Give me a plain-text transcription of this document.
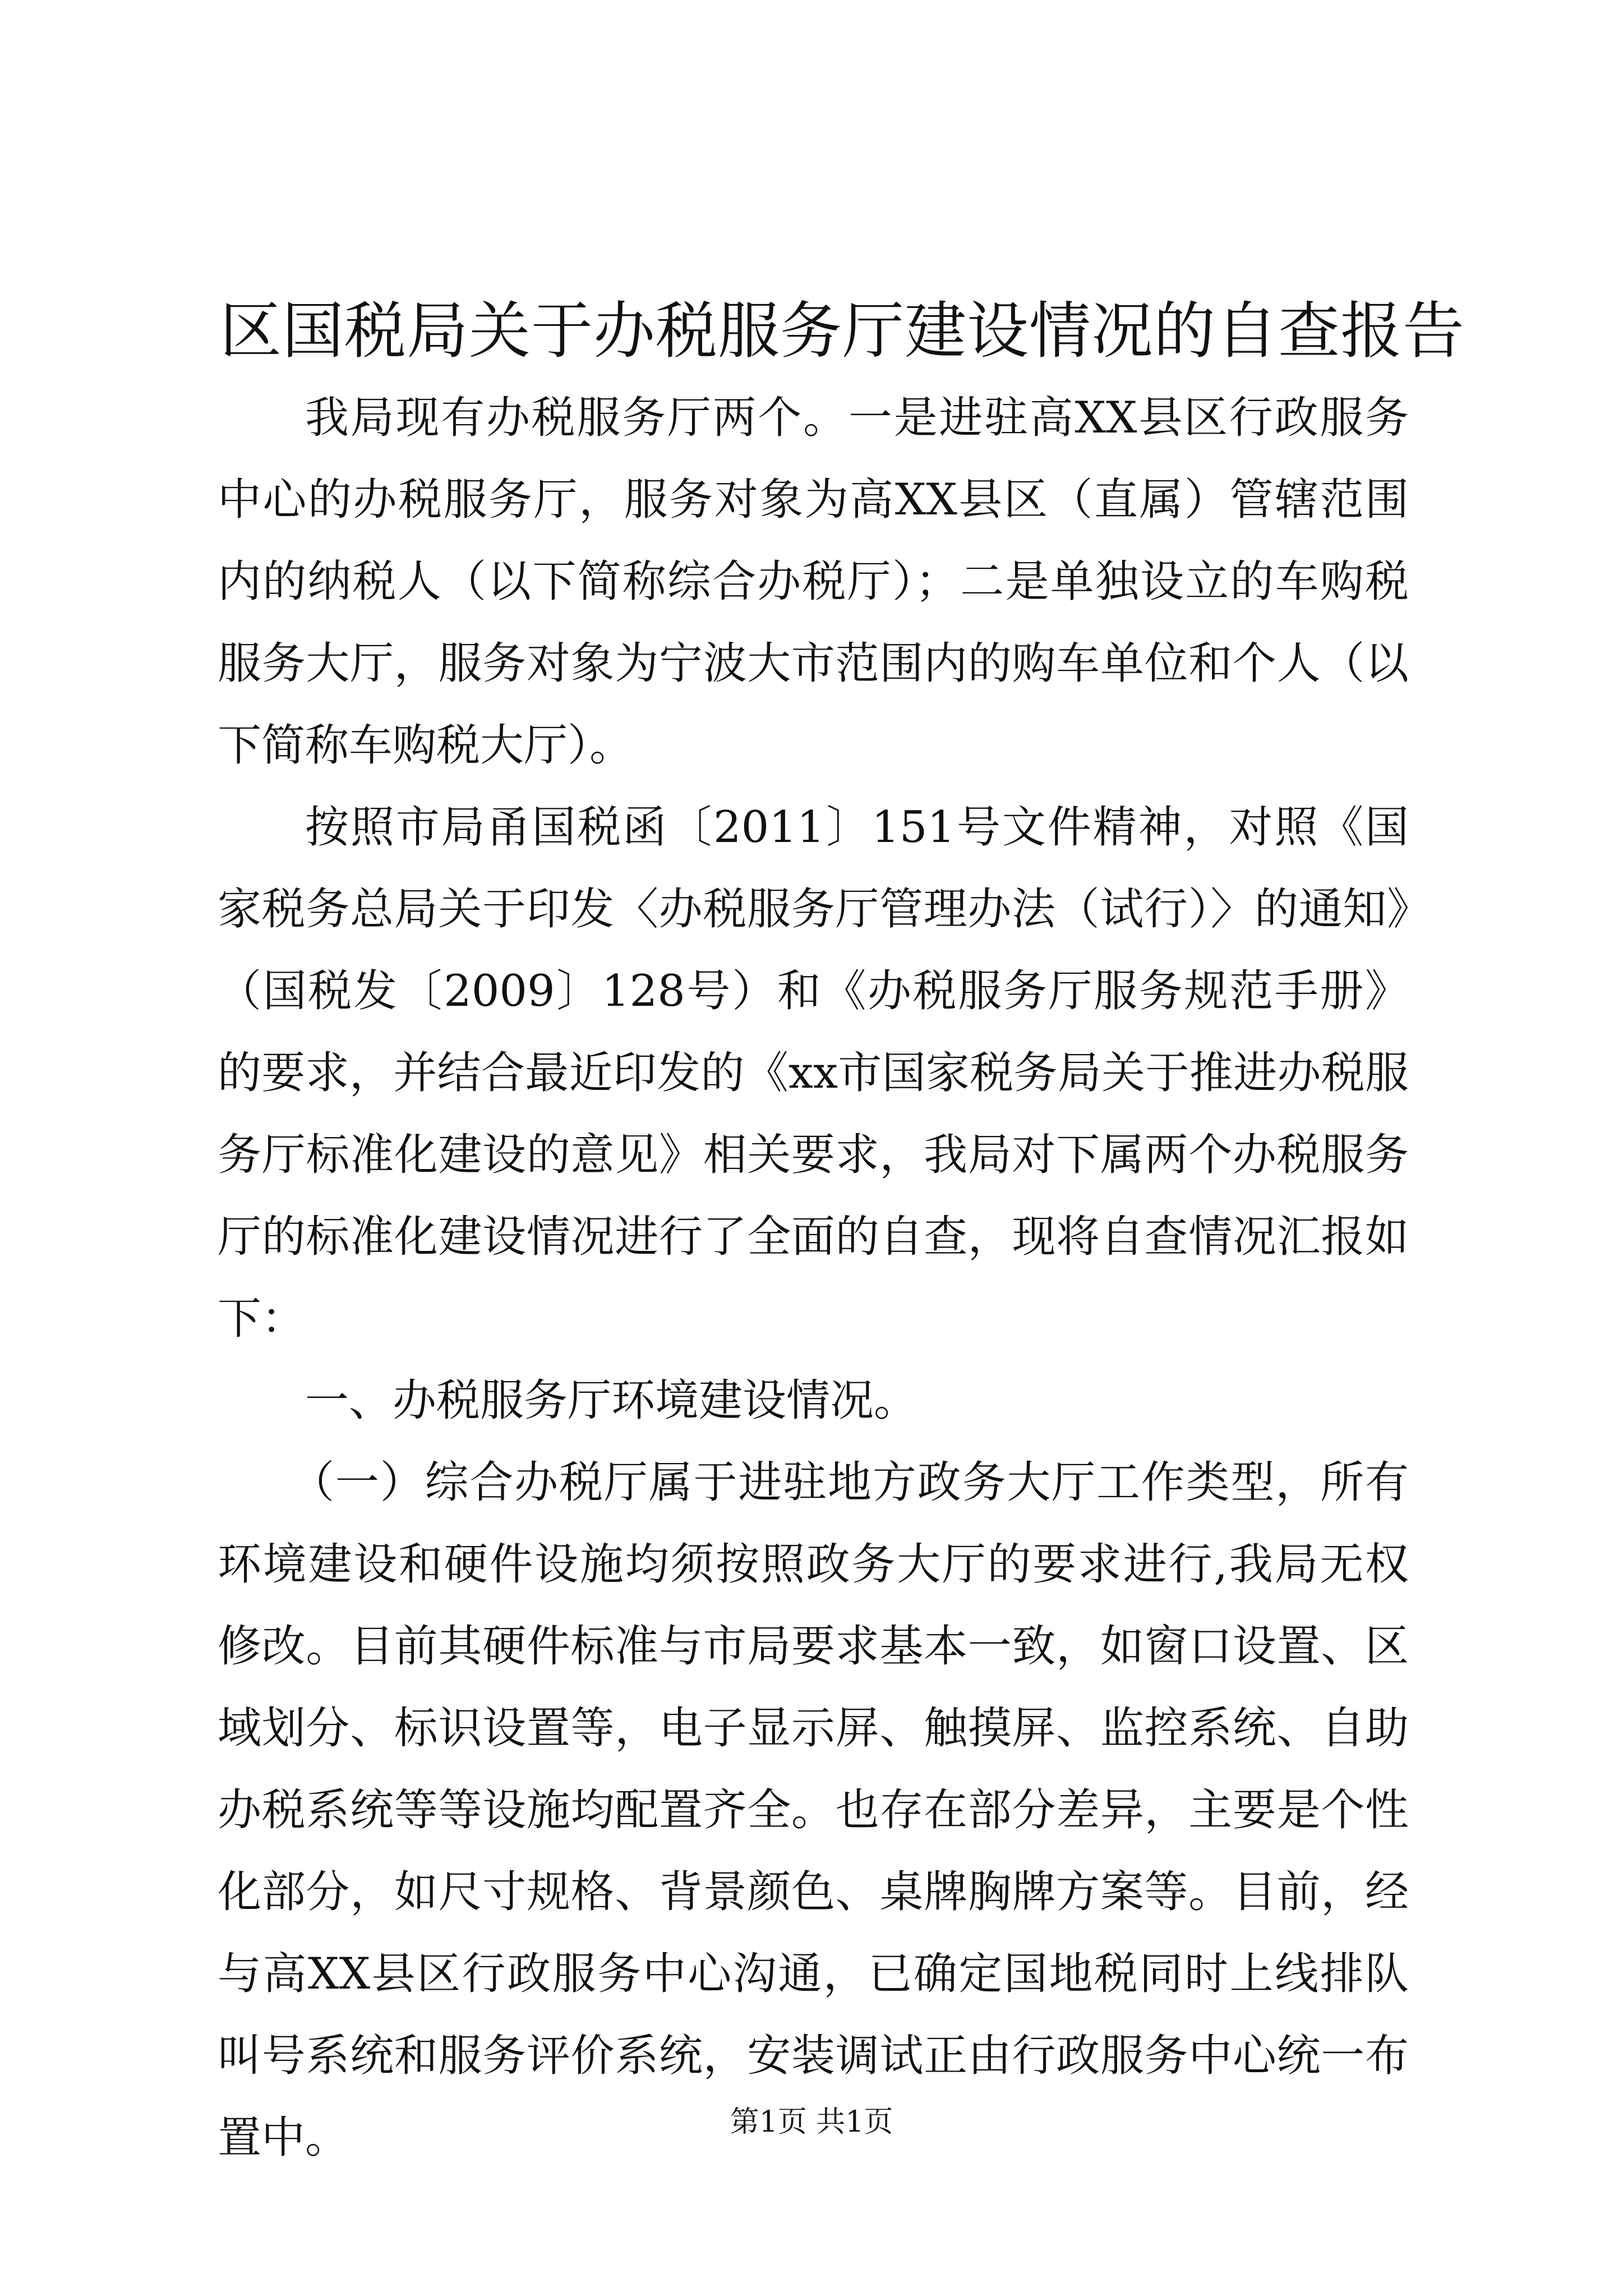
区国税局关于办税服务厅建设情况的自查报告

我局现有办税服务厅两个。一是进驻高XX县区行政服务中心的办税服务厅，服务对象为高XX县区（直属）管辖范围内的纳税人（以下简称综合办税厅）；二是单独设立的车购税服务大厅，服务对象为宁波大市范围内的购车单位和个人（以下简称车购税大厅）。

按照市局甬国税函〔2011〕151号文件精神，对照《国家税务总局关于印发〈办税服务厅管理办法（试行）〉的通知》（国税发〔2009〕128号）和《办税服务厅服务规范手册》的要求，并结合最近印发的《xx市国家税务局关于推进办税服务厅标准化建设的意见》相关要求，我局对下属两个办税服务厅的标准化建设情况进行了全面的自查，现将自查情况汇报如下：

一、办税服务厅环境建设情况。

（一）综合办税厅属于进驻地方政务大厅工作类型，所有环境建设和硬件设施均须按照政务大厅的要求进行,我局无权修改。目前其硬件标准与市局要求基本一致，如窗口设置、区域划分、标识设置等，电子显示屏、触摸屏、监控系统、自助办税系统等等设施均配置齐全。也存在部分差异，主要是个性化部分，如尺寸规格、背景颜色、桌牌胸牌方案等。目前，经与高XX县区行政服务中心沟通，已确定国地税同时上线排队叫号系统和服务评价系统，安装调试正由行政服务中心统一布置中。	第1页 共1页
